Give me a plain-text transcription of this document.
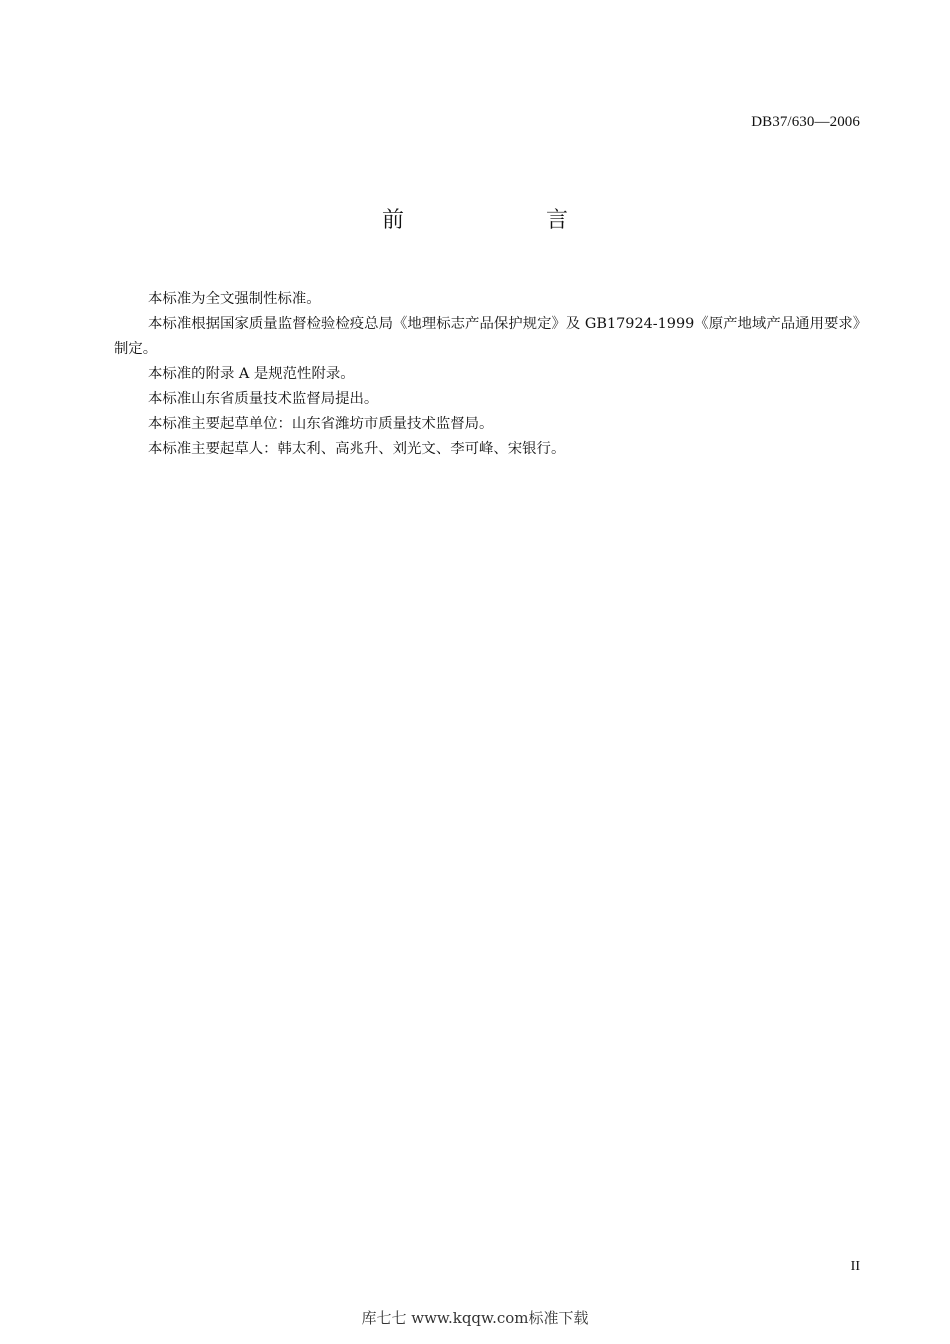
DB37/630—2006
前　言

本标准为全文强制性标准。

本标准根据国家质量监督检验检疫总局《地理标志产品保护规定》及 GB17924-1999《原产地域产品通用要求》制定。

本标准的附录 A 是规范性附录。

本标准山东省质量技术监督局提出。

本标准主要起草单位：山东省潍坊市质量技术监督局。

本标准主要起草人：韩太利、高兆升、刘光文、李可峰、宋银行。

II
库七七 www.kqqw.com标准下载
